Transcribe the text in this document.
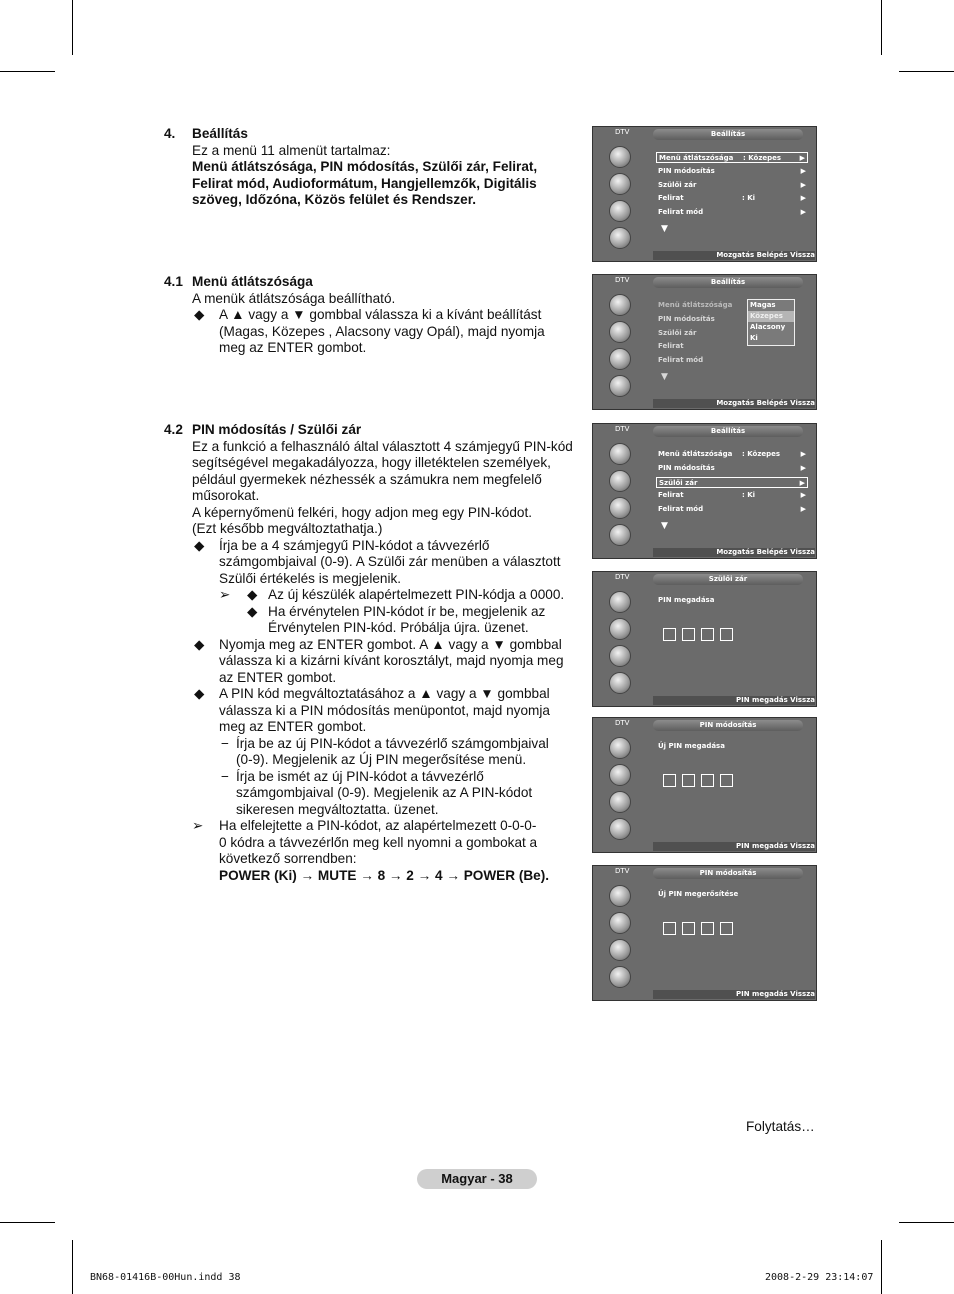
4. Beállítás
Ez a menü 11 almenüt tartalmaz:
Menü átlátszósága, PIN módosítás, Szülői zár, Felirat,
Felirat mód, Audioformátum, Hangjellemzők, Digitális
szöveg, Időzóna, Közös felület és Rendszer.
4.1 Menü átlátszósága
A menük átlátszósága beállítható.
◆ A ▲ vagy a ▼ gombbal válassza ki a kívánt beállítást
(Magas, Közepes , Alacsony vagy Opál), majd nyomja
meg az ENTER gombot.
4.2 PIN módosítás / Szülői zár
Ez a funkció a felhasználó által választott 4 számjegyű PIN-kód
segítségével megakadályozza, hogy illetéktelen személyek,
például gyermekek nézhessék a számukra nem megfelelő
műsorokat.
A képernyőmenü felkéri, hogy adjon meg egy PIN-kódot.
(Ezt később megváltoztathatja.)
◆ Írja be a 4 számjegyű PIN-kódot a távvezérlő
számgombjaival (0-9). A Szülői zár menüben a választott
Szülői értékelés is megjelenik.
➢ ◆ Az új készülék alapértelmezett PIN-kódja a 0000.
◆ Ha érvénytelen PIN-kódot ír be, megjelenik az
Érvénytelen PIN-kód. Próbálja újra. üzenet.
◆ Nyomja meg az ENTER gombot. A ▲ vagy a ▼ gombbal
válassza ki a kizárni kívánt korosztályt, majd nyomja meg
az ENTER gombot.
◆ A PIN kód megváltoztatásához a ▲ vagy a ▼ gombbal
válassza ki a PIN módosítás menüpontot, majd nyomja
meg az ENTER gombot.
− Írja be az új PIN-kódot a távvezérlő számgombjaival
(0-9). Megjelenik az Új PIN megerősítése menü.
− Írja be ismét az új PIN-kódot a távvezérlő
számgombjaival (0-9). Megjelenik az A PIN-kódot
sikeresen megváltoztatta. üzenet.
➢ Ha elfelejtette a PIN-kódot, az alapértelmezett 0-0-0-
0 kódra a távvezérlőn meg kell nyomni a gombokat a
következő sorrendben:
POWER (Ki) → MUTE → 8 → 2 → 4 → POWER (Be).
DTV	Beállítás
Menü átlátszósága : Közepes	▶
PIN módosítás	▶
Szülői zár	▶
Felirat	: Ki	▶
Felirat mód	▶
▼
Mozgatás Belépés Vissza
DTV	Beállítás
Menü átlátszósága
PIN módosítás
Szülői zár
Felirat
Felirat mód
▼
Magas
Közepes
Alacsony
Ki
Mozgatás Belépés Vissza
DTV	Beállítás
Menü átlátszósága : Közepes	▶
PIN módosítás	▶
Szülői zár	▶
Felirat	: Ki	▶
Felirat mód	▶
▼
Mozgatás Belépés Vissza
DTV	Szülői zár
PIN megadása
PIN megadás Vissza
DTV	PIN módosítás
Új PIN megadása
PIN megadás Vissza
DTV	PIN módosítás
Új PIN megerősítése
PIN megadás Vissza
Folytatás…
Magyar - 38
BN68-01416B-00Hun.indd 38	2008-2-29 23:14:07
